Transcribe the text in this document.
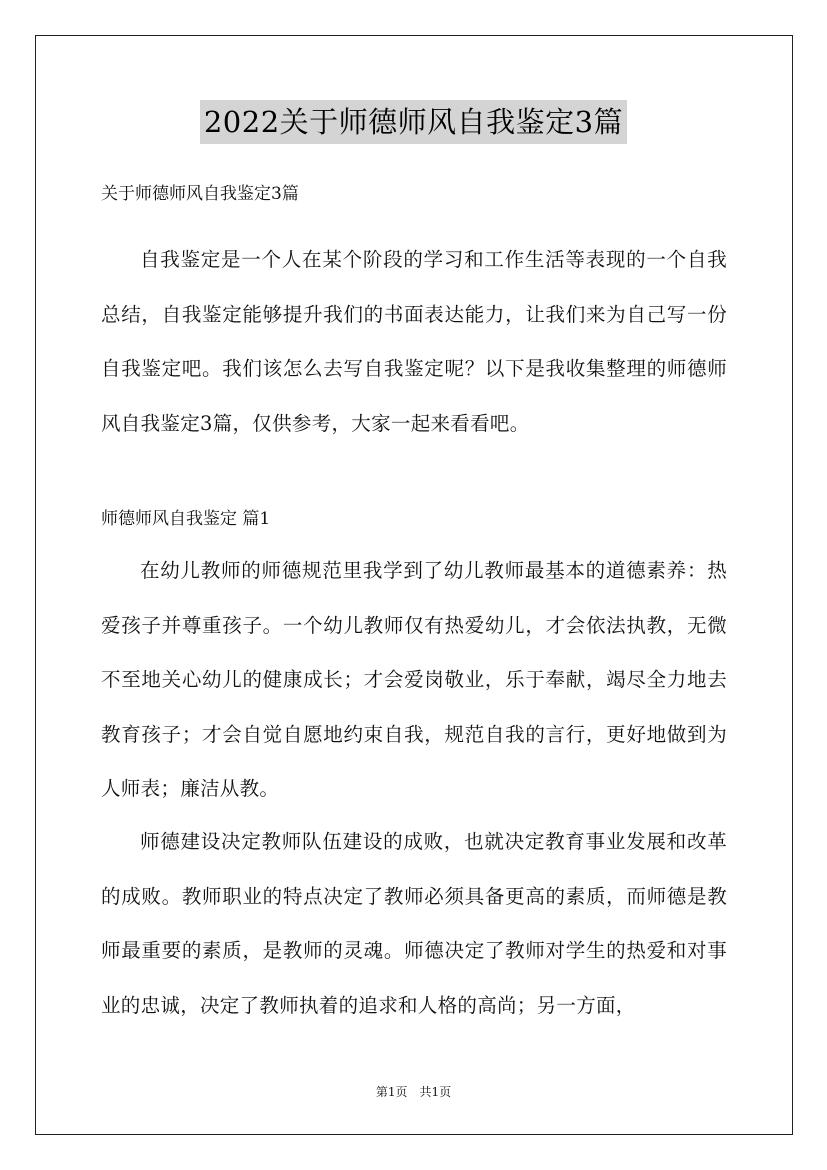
2022关于师德师风自我鉴定3篇
关于师德师风自我鉴定3篇
自我鉴定是一个人在某个阶段的学习和工作生活等表现的一个自我总结，自我鉴定能够提升我们的书面表达能力，让我们来为自己写一份自我鉴定吧。我们该怎么去写自我鉴定呢？以下是我收集整理的师德师风自我鉴定3篇，仅供参考，大家一起来看看吧。
师德师风自我鉴定 篇1
在幼儿教师的师德规范里我学到了幼儿教师最基本的道德素养：热爱孩子并尊重孩子。一个幼儿教师仅有热爱幼儿，才会依法执教，无微不至地关心幼儿的健康成长；才会爱岗敬业，乐于奉献，竭尽全力地去教育孩子；才会自觉自愿地约束自我，规范自我的言行，更好地做到为人师表；廉洁从教。
师德建设决定教师队伍建设的成败，也就决定教育事业发展和改革的成败。教师职业的特点决定了教师必须具备更高的素质，而师德是教师最重要的素质，是教师的灵魂。师德决定了教师对学生的热爱和对事业的忠诚，决定了教师执着的追求和人格的高尚；另一方面，
第1页　共1页
